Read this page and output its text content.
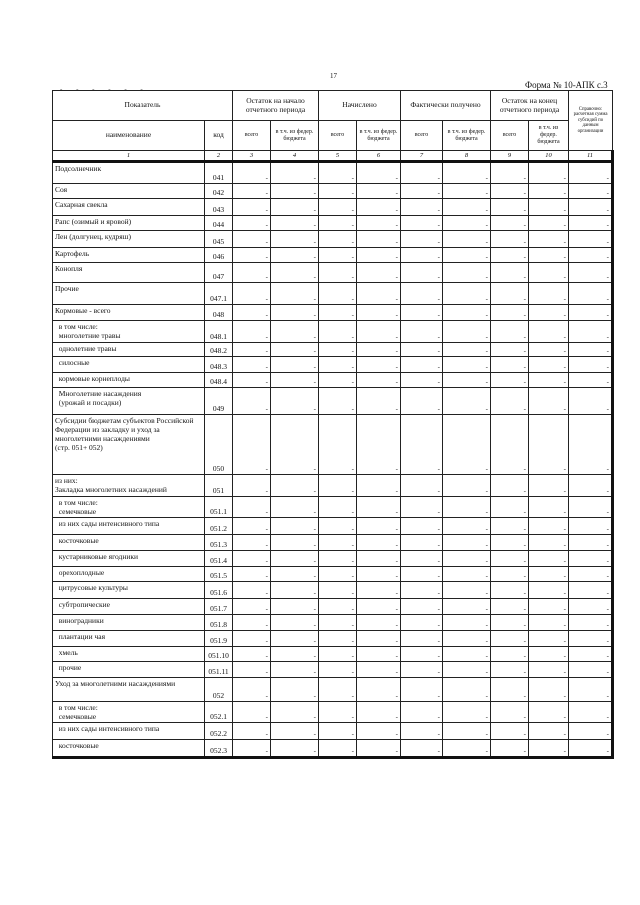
- - - - - -
17
Форма № 10-АПК с.3
Показатель		Остаток на начало отчетного периода		Начислено		Фактически получено		Остаток на конец отчетного периода		Справочно: расчетная сумма субсидий по данным организации
наименование	код	всего	в т.ч. из федер. бюджета	всего	в т.ч. из федер. бюджета	всего	в т.ч. из федер. бюджета	всего	в т.ч. из федер. бюджета	
1	2	3	4	5	6	7	8	9	10	11
Подсолнечник	041	-	-	-	-	-	-	-	-	-
Соя	042	-	-	-	-	-	-	-	-	-
Сахарная свекла	043	-	-	-	-	-	-	-	-	-
Рапс (озимый и яровой)	044	-	-	-	-	-	-	-	-	-
Лен (долгунец, кудряш)	045	-	-	-	-	-	-	-	-	-
Картофель	046	-	-	-	-	-	-	-	-	-
Конопля	047	-	-	-	-	-	-	-	-	-
Прочие	047.1	-	-	-	-	-	-	-	-	-
Кормовые - всего	048	-	-	-	-	-	-	-	-	-
в том числе:
многолетние травы	048.1	-	-	-	-	-	-	-	-	-
однолетние травы	048.2	-	-	-	-	-	-	-	-	-
силосные	048.3	-	-	-	-	-	-	-	-	-
кормовые корнеплоды	048.4	-	-	-	-	-	-	-	-	-
Многолетние насаждения
(урожай и посадки)	049	-	-	-	-	-	-	-	-	-
Субсидии бюджетам субъектов Российской
Федерации из закладку и уход за многолетними насаждениями
(стр. 051+ 052)	050	-	-	-	-	-	-	-	-	-
из них:
Закладка многолетних насаждений	051	-	-	-	-	-	-	-	-	-
в том числе:
семечковые	051.1	-	-	-	-	-	-	-	-	-
из них сады интенсивного типа	051.2	-	-	-	-	-	-	-	-	-
косточковые	051.3	-	-	-	-	-	-	-	-	-
кустарниковые ягодники	051.4	-	-	-	-	-	-	-	-	-
орехоплодные	051.5	-	-	-	-	-	-	-	-	-
цитрусовые культуры	051.6	-	-	-	-	-	-	-	-	-
субтропические	051.7	-	-	-	-	-	-	-	-	-
виноградники	051.8	-	-	-	-	-	-	-	-	-
плантации чая	051.9	-	-	-	-	-	-	-	-	-
хмель	051.10	-	-	-	-	-	-	-	-	-
прочие	051.11	-	-	-	-	-	-	-	-	-
Уход за многолетними насаждениями	052	-	-	-	-	-	-	-	-	-
в том числе:
семечковые	052.1	-	-	-	-	-	-	-	-	-
из них сады интенсивного типа	052.2	-	-	-	-	-	-	-	-	-
косточковые	052.3	-	-	-	-	-	-	-	-	-
